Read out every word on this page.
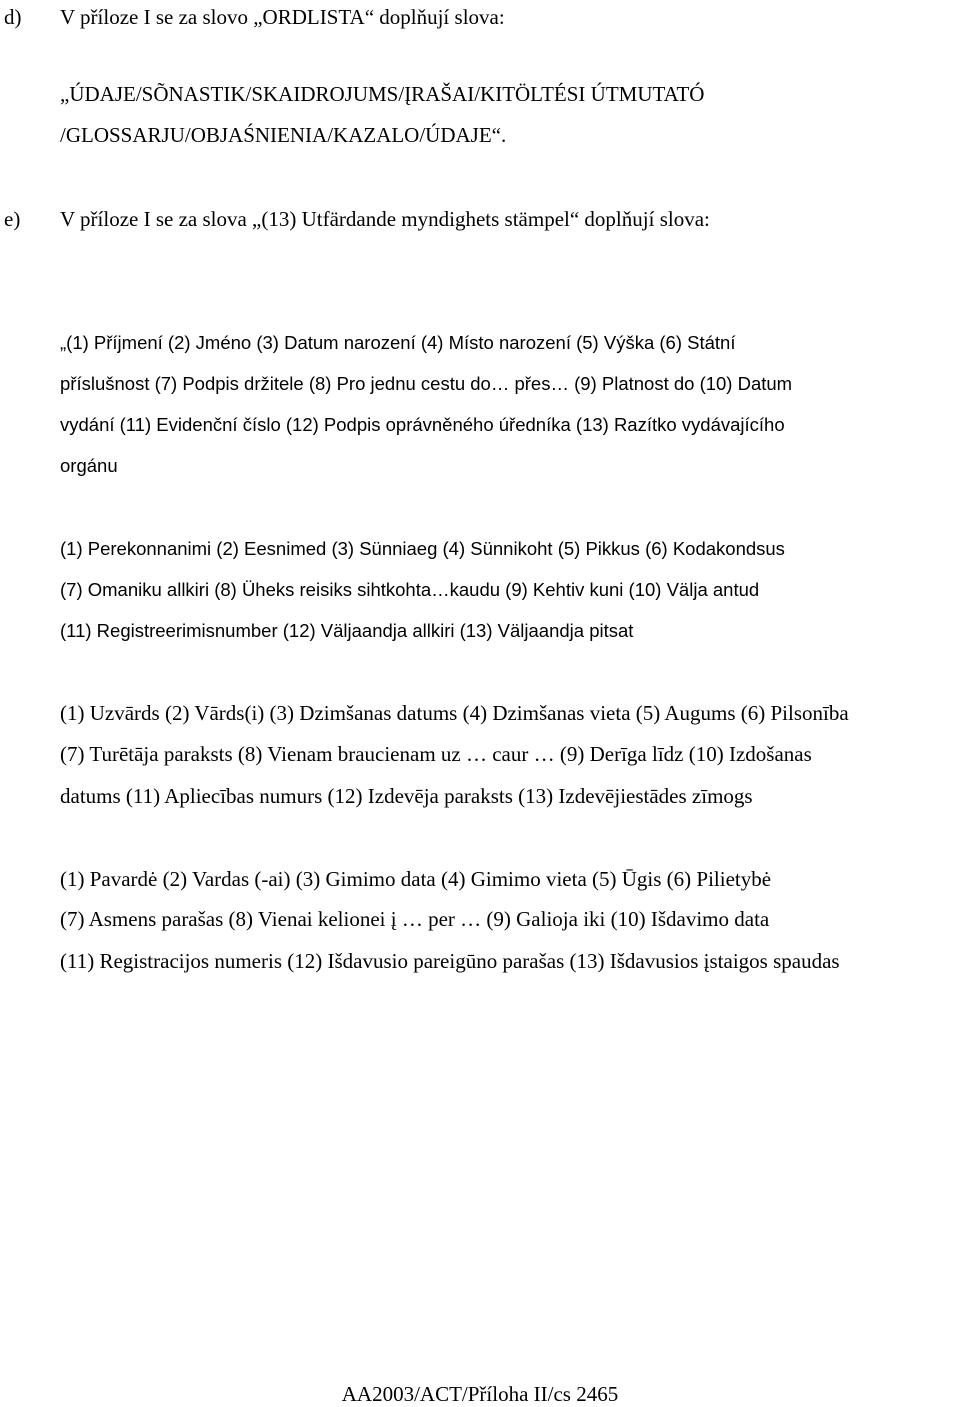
d) V příloze I se za slovo „ORDLISTA“ doplňují slova:
„ÚDAJE/SÕNASTIK/SKAIDROJUMS/ĮRAŠAI/KITÖLTÉSI ÚTMUTATÓ
/GLOSSARJU/OBJAŚNIENIA/KAZALO/ÚDAJE“.
e) V příloze I se za slova „(13) Utfärdande myndighets stämpel“ doplňují slova:
„(1) Příjmení (2) Jméno (3) Datum narození (4) Místo narození (5) Výška (6) Státní
příslušnost (7) Podpis držitele (8) Pro jednu cestu do… přes… (9) Platnost do (10) Datum
vydání (11) Evidenční číslo (12) Podpis oprávněného úředníka (13) Razítko vydávajícího
orgánu
(1) Perekonnanimi (2) Eesnimed (3) Sünniaeg (4) Sünnikoht (5) Pikkus (6) Kodakondsus
(7) Omaniku allkiri (8) Üheks reisiks sihtkohta…kaudu (9) Kehtiv kuni (10) Välja antud
(11) Registreerimisnumber (12) Väljaandja allkiri (13) Väljaandja pitsat
(1) Uzvārds (2) Vārds(i) (3) Dzimšanas datums (4) Dzimšanas vieta (5) Augums (6) Pilsonība
(7) Turētāja paraksts (8) Vienam braucienam uz … caur … (9) Derīga līdz (10) Izdošanas
datums (11) Apliecības numurs (12) Izdevēja paraksts (13) Izdevējiestādes zīmogs
(1) Pavardė (2) Vardas (-ai) (3) Gimimo data (4) Gimimo vieta (5) Ūgis (6) Pilietybė
(7) Asmens parašas (8) Vienai kelionei į … per … (9) Galioja iki (10) Išdavimo data
(11) Registracijos numeris (12) Išdavusio pareigūno parašas (13) Išdavusios įstaigos spaudas
AA2003/ACT/Příloha II/cs 2465
